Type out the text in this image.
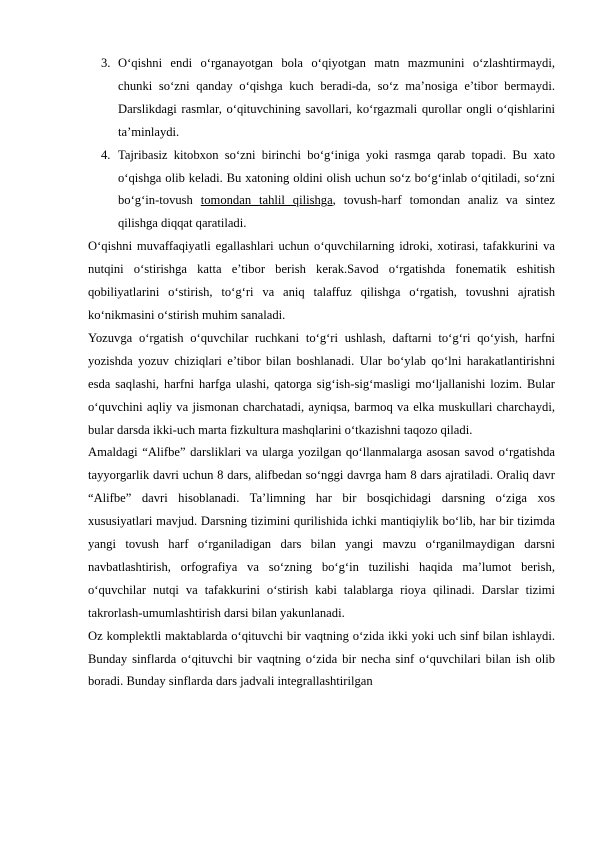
3. O‘qishni endi o‘rganayotgan bola o‘qiyotgan matn mazmunini o‘zlashtirmaydi, chunki so‘zni qanday o‘qishga kuch beradi-da, so‘z ma’nosiga e’tibor bermaydi. Darslikdagi rasmlar, o‘qituvchining savollari, ko‘rgazmali qurollar ongli o‘qishlarini ta’minlaydi.
4. Tajribasiz kitobxon so‘zni birinchi bo‘g‘iniga yoki rasmga qarab topadi. Bu xato o‘qishga olib keladi. Bu xatoning oldini olish uchun so‘z bo‘g‘inlab o‘qitiladi, so‘zni bo‘g‘in-tovush tomondan tahlil qilishga, tovush-harf tomondan analiz va sintez qilishga diqqat qaratiladi.
O‘qishni muvaffaqiyatli egallashlari uchun o‘quvchilarning idroki, xotirasi, tafakkurini va nutqini o‘stirishga katta e’tibor berish kerak.Savod o‘rgatishda fonematik eshitish qobiliyatlarini o‘stirish, to‘g‘ri va aniq talaffuz qilishga o‘rgatish, tovushni ajratish ko‘nikmasini o‘stirish muhim sanaladi.
Yozuvga o‘rgatish o‘quvchilar ruchkani to‘g‘ri ushlash, daftarni to‘g‘ri qo‘yish, harfni yozishda yozuv chiziqlari e’tibor bilan boshlanadi. Ular bo‘ylab qo‘lni harakatlantirishni esda saqlashi, harfni harfga ulashi, qatorga sig‘ish-sig‘masligi mo‘ljallanishi lozim. Bular o‘quvchini aqliy va jismonan charchatadi, ayniqsa, barmoq va elka muskullari charchaydi, bular darsda ikki-uch marta fizkultura mashqlarini o‘tkazishni taqozo qiladi.
Amaldagi “Alifbe” darsliklari va ularga yozilgan qo‘llanmalarga asosan savod o‘rgatishda tayyorgarlik davri uchun 8 dars, alifbedan so‘nggi davrga ham 8 dars ajratiladi. Oraliq davr “Alifbe” davri hisoblanadi. Ta’limning har bir bosqichidagi darsning o‘ziga xos xususiyatlari mavjud. Darsning tizimini qurilishida ichki mantiqiylik bo‘lib, har bir tizimda yangi tovush harf o‘rganiladigan dars bilan yangi mavzu o‘rganilmaydigan darsni navbatlashtirish, orfografiya va so‘zning bo‘g‘in tuzilishi haqida ma’lumot berish, o‘quvchilar nutqi va tafakkurini o‘stirish kabi talablarga rioya qilinadi. Darslar tizimi takrorlash-umumlashtirish darsi bilan yakunlanadi.
Oz komplektli maktablarda o‘qituvchi bir vaqtning o‘zida ikki yoki uch sinf bilan ishlaydi. Bunday sinflarda o‘qituvchi bir vaqtning o‘zida bir necha sinf o‘quvchilari bilan ish olib boradi. Bunday sinflarda dars jadvali integrallashtirilgan
